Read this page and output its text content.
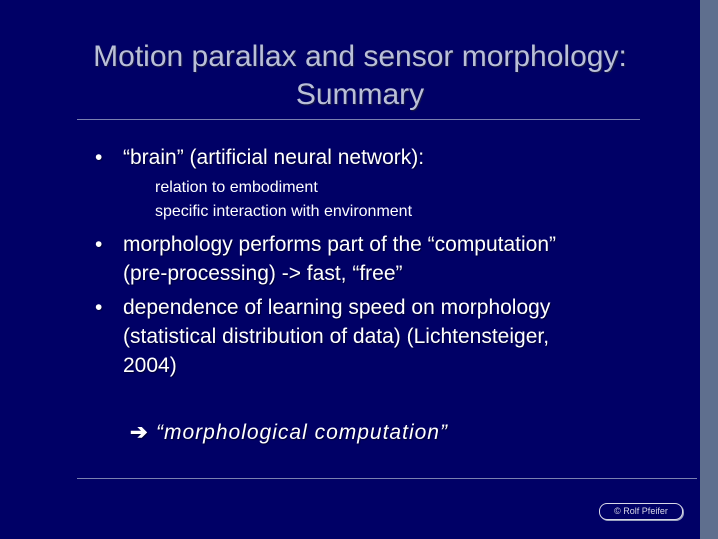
Motion parallax and sensor morphology:
Summary
• “brain” (artificial neural network):
relation to embodiment
specific interaction with environment
• morphology performs part of the “computation”
(pre-processing) -> fast, “free”
• dependence of learning speed on morphology
(statistical distribution of data) (Lichtensteiger,
2004)
➔ “morphological computation”
© Rolf Pfeifer
